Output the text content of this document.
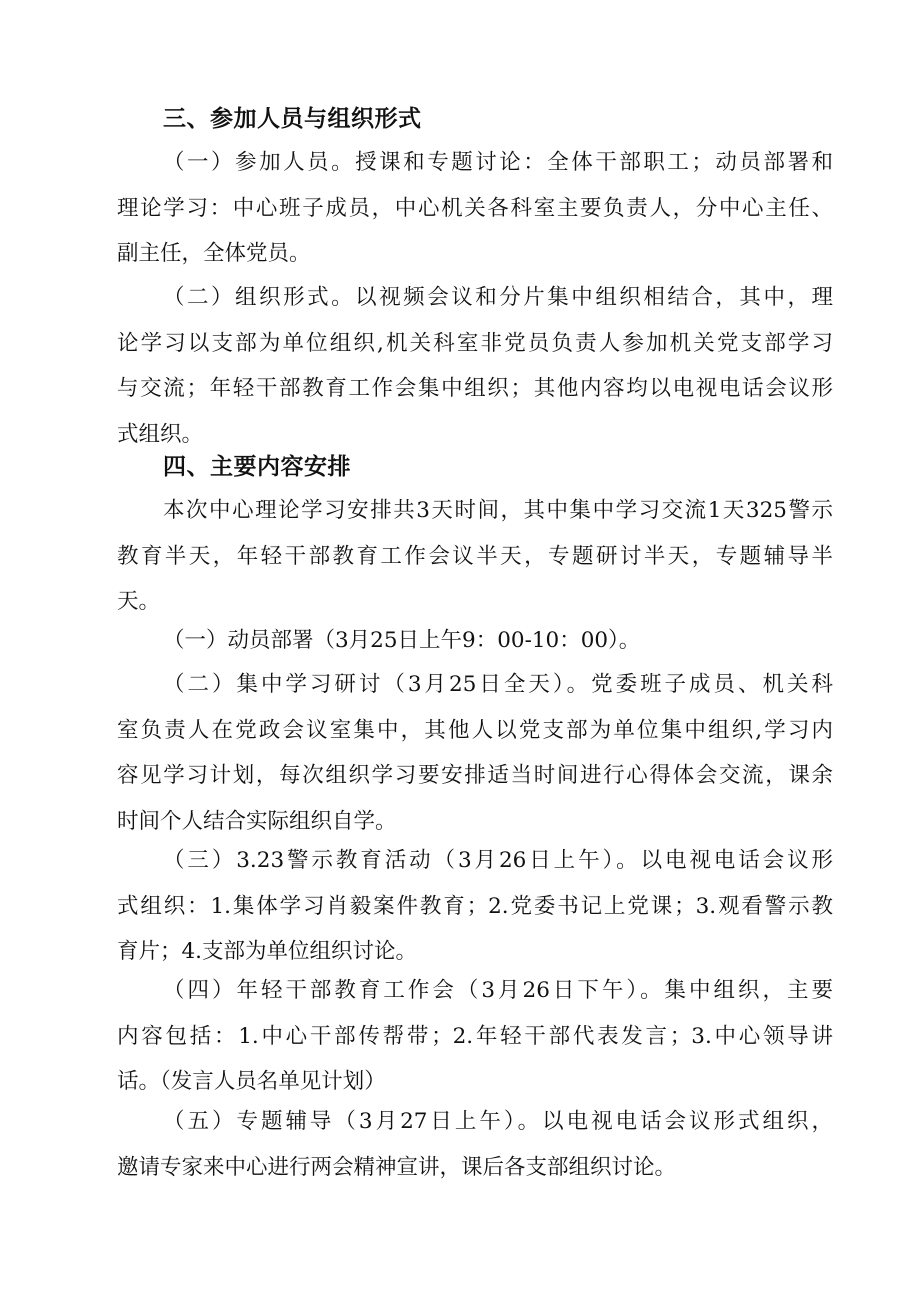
三、参加人员与组织形式
（一）参加人员。授课和专题讨论：全体干部职工；动员部署和
理论学习：中心班子成员，中心机关各科室主要负责人，分中心主任、
副主任，全体党员。
（二）组织形式。以视频会议和分片集中组织相结合，其中，理
论学习以支部为单位组织,机关科室非党员负责人参加机关党支部学习
与交流；年轻干部教育工作会集中组织；其他内容均以电视电话会议形
式组织。
四、主要内容安排
本次中心理论学习安排共3天时间，其中集中学习交流1天325警示
教育半天，年轻干部教育工作会议半天，专题研讨半天，专题辅导半
天。
（一）动员部署（3月25日上午9：00-10：00）。
（二）集中学习研讨（3月25日全天）。党委班子成员、机关科
室负责人在党政会议室集中，其他人以党支部为单位集中组织,学习内
容见学习计划，每次组织学习要安排适当时间进行心得体会交流，课余
时间个人结合实际组织自学。
（三）3.23警示教育活动（3月26日上午）。以电视电话会议形
式组织：1.集体学习肖毅案件教育；2.党委书记上党课；3.观看警示教
育片；4.支部为单位组织讨论。
（四）年轻干部教育工作会（3月26日下午）。集中组织，主要
内容包括：1.中心干部传帮带；2.年轻干部代表发言；3.中心领导讲
话。（发言人员名单见计划）
（五）专题辅导（3月27日上午）。以电视电话会议形式组织，
邀请专家来中心进行两会精神宣讲，课后各支部组织讨论。
